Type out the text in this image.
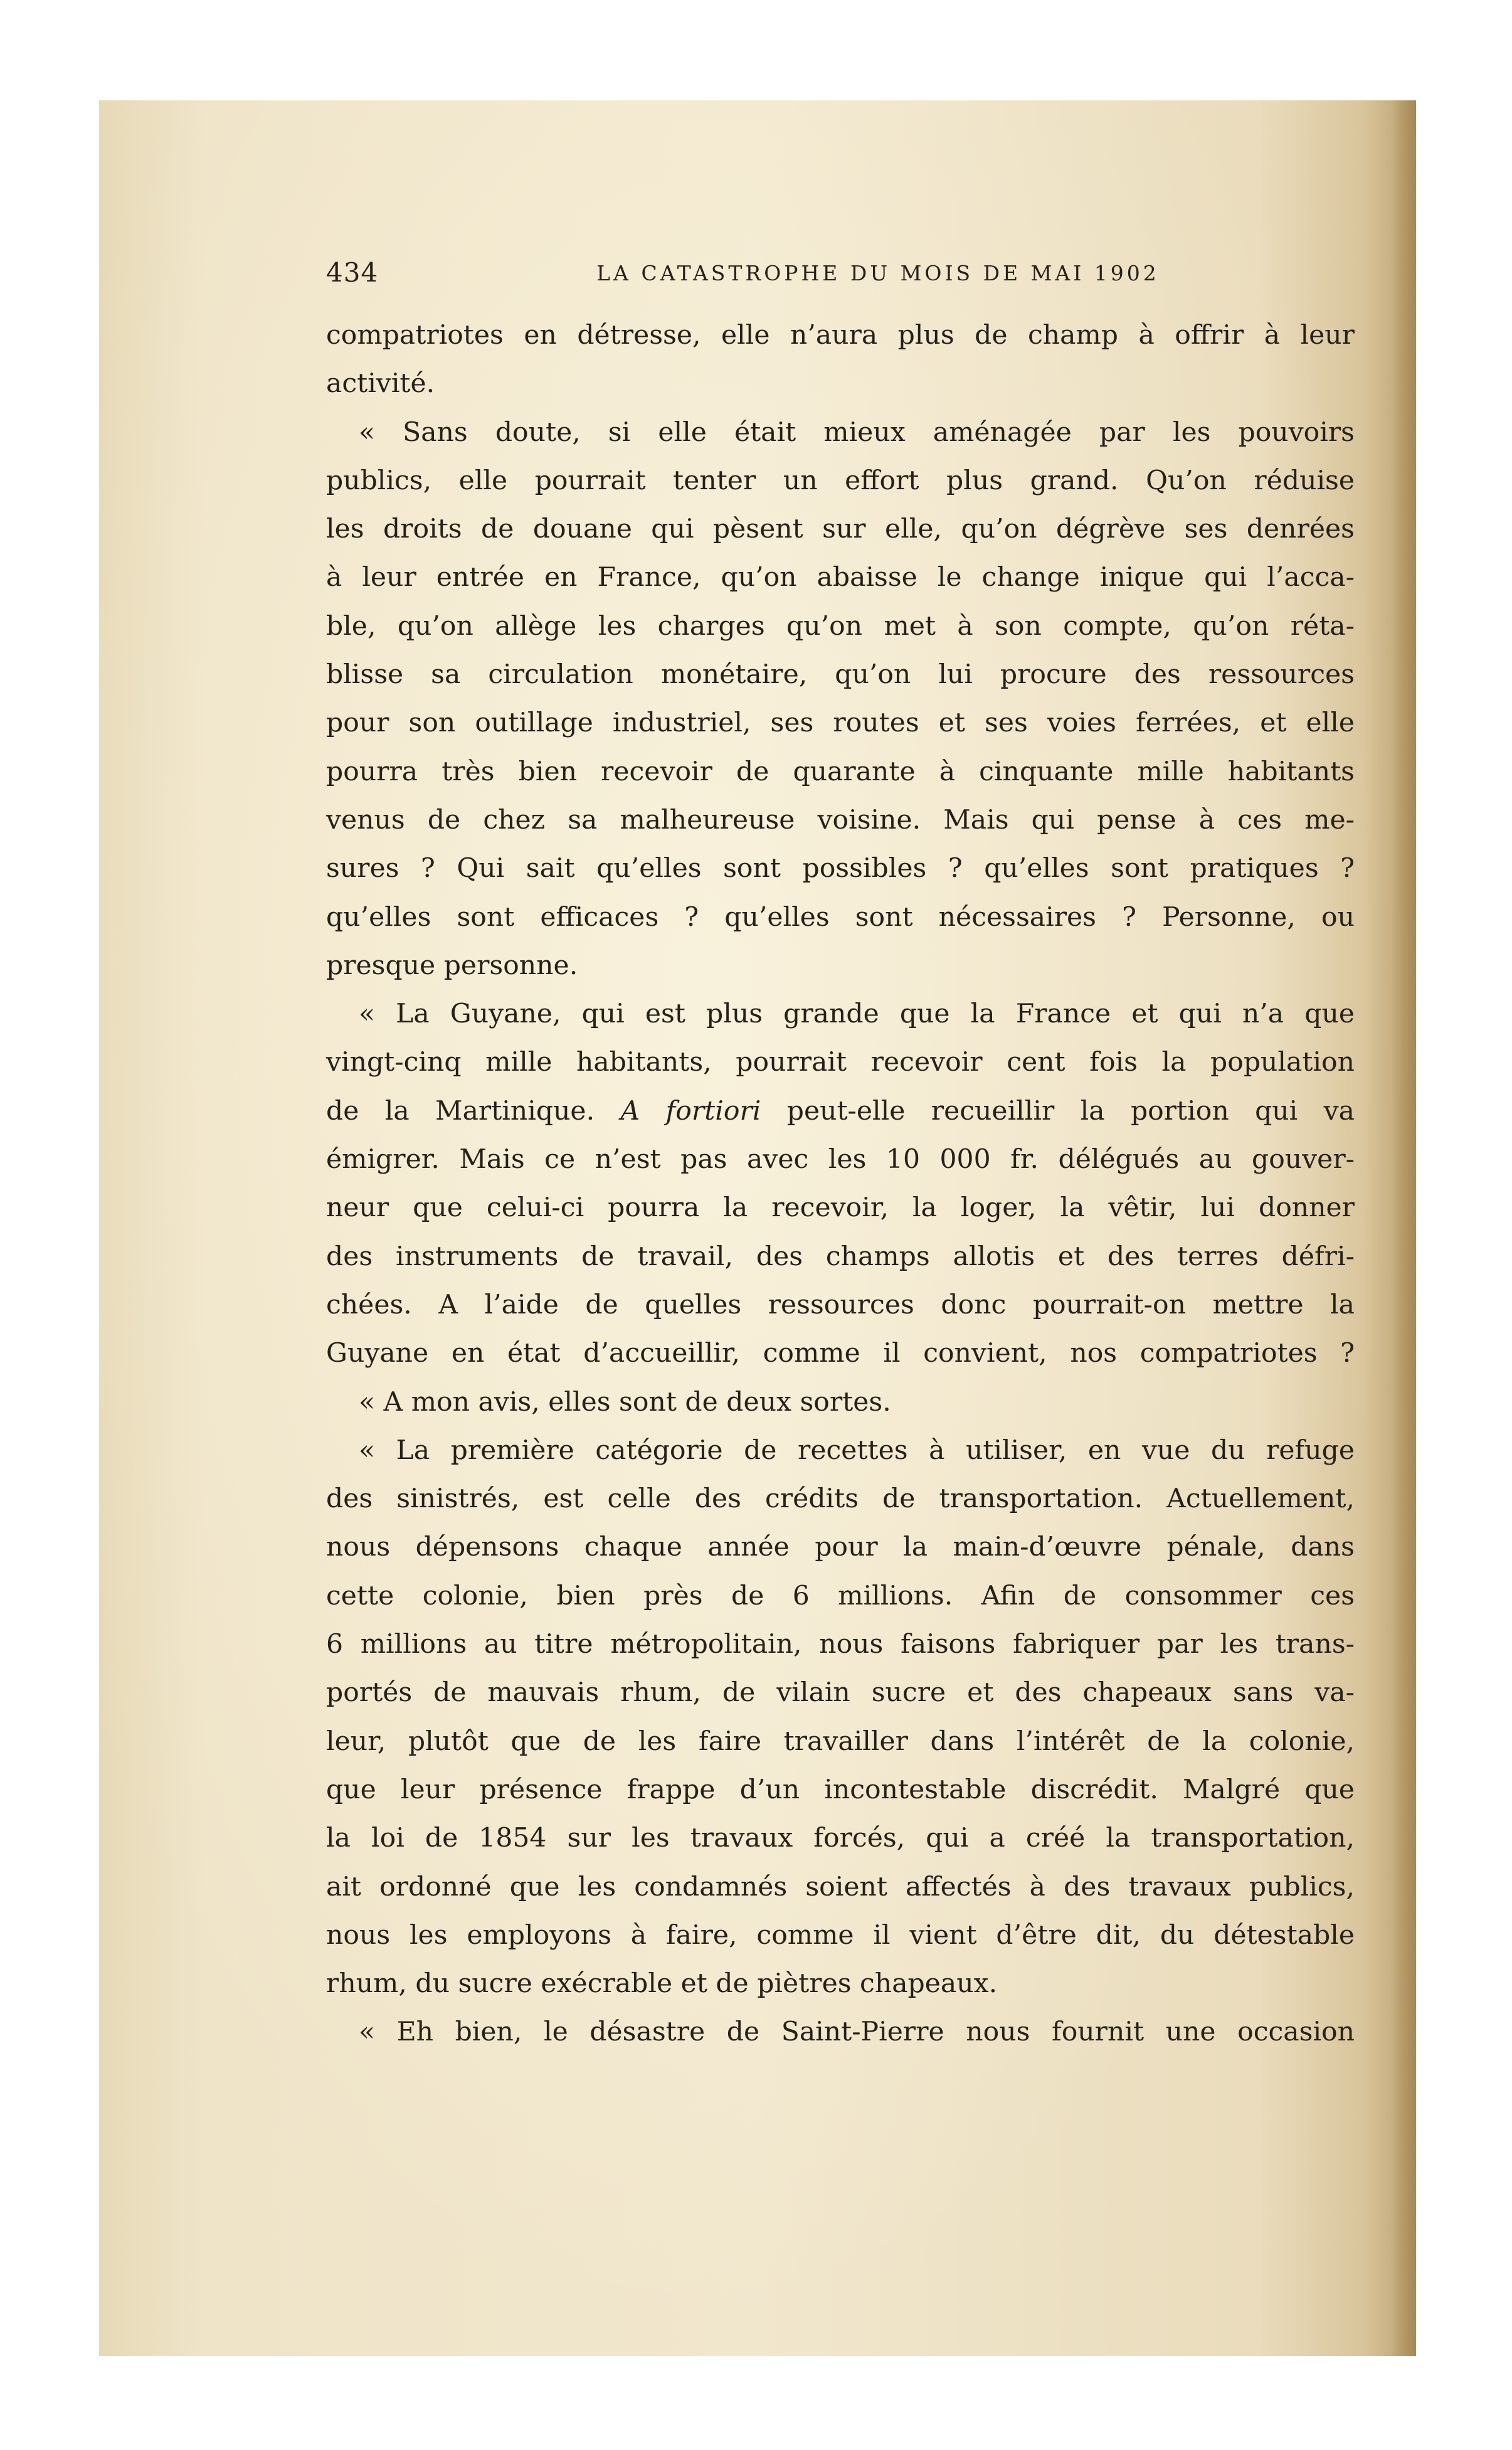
434	LA CATASTROPHE DU MOIS DE MAI 1902
compatriotes en détresse, elle n’aura plus de champ à offrir à leur
activité.
« Sans doute, si elle était mieux aménagée par les pouvoirs
publics, elle pourrait tenter un effort plus grand. Qu’on réduise
les droits de douane qui pèsent sur elle, qu’on dégrève ses denrées
à leur entrée en France, qu’on abaisse le change inique qui l’acca-
ble, qu’on allège les charges qu’on met à son compte, qu’on réta-
blisse sa circulation monétaire, qu’on lui procure des ressources
pour son outillage industriel, ses routes et ses voies ferrées, et elle
pourra très bien recevoir de quarante à cinquante mille habitants
venus de chez sa malheureuse voisine. Mais qui pense à ces me-
sures ? Qui sait qu’elles sont possibles ? qu’elles sont pratiques ?
qu’elles sont efficaces ? qu’elles sont nécessaires ? Personne, ou
presque personne.
« La Guyane, qui est plus grande que la France et qui n’a que
vingt-cinq mille habitants, pourrait recevoir cent fois la population
de la Martinique. A fortiori peut-elle recueillir la portion qui va
émigrer. Mais ce n’est pas avec les 10 000 fr. délégués au gouver-
neur que celui-ci pourra la recevoir, la loger, la vêtir, lui donner
des instruments de travail, des champs allotis et des terres défri-
chées. A l’aide de quelles ressources donc pourrait-on mettre la
Guyane en état d’accueillir, comme il convient, nos compatriotes ?
« A mon avis, elles sont de deux sortes.
« La première catégorie de recettes à utiliser, en vue du refuge
des sinistrés, est celle des crédits de transportation. Actuellement,
nous dépensons chaque année pour la main-d’œuvre pénale, dans
cette colonie, bien près de 6 millions. Afin de consommer ces
6 millions au titre métropolitain, nous faisons fabriquer par les trans-
portés de mauvais rhum, de vilain sucre et des chapeaux sans va-
leur, plutôt que de les faire travailler dans l’intérêt de la colonie,
que leur présence frappe d’un incontestable discrédit. Malgré que
la loi de 1854 sur les travaux forcés, qui a créé la transportation,
ait ordonné que les condamnés soient affectés à des travaux publics,
nous les employons à faire, comme il vient d’être dit, du détestable
rhum, du sucre exécrable et de piètres chapeaux.
« Eh bien, le désastre de Saint-Pierre nous fournit une occasion
